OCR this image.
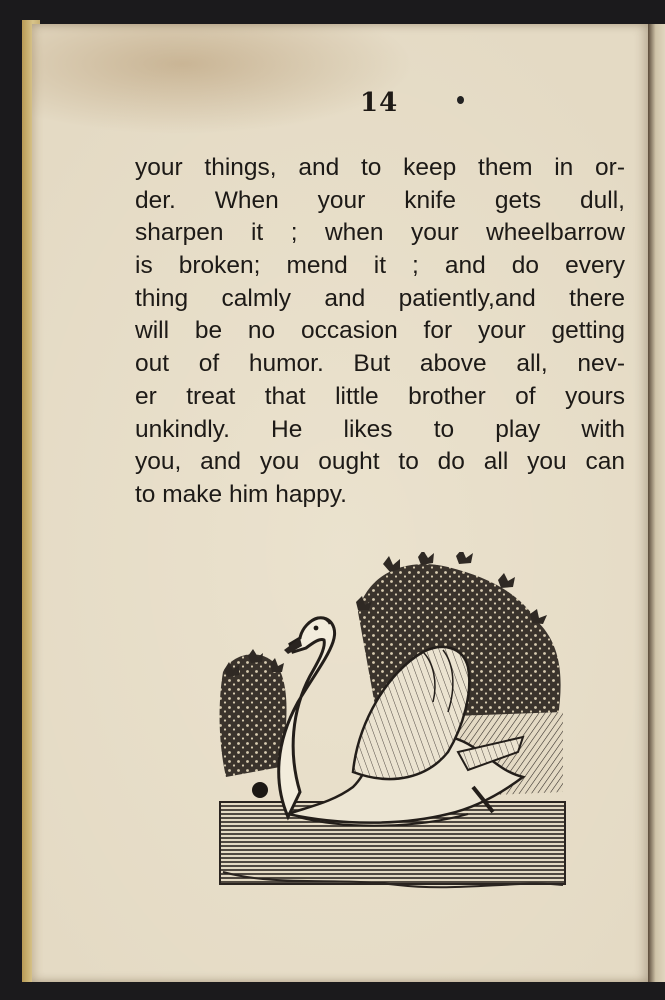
14
your things, and to keep them in or-
der. When your knife gets dull,
sharpen it ; when your wheelbarrow
is broken; mend it ; and do every
thing calmly and patiently,and there
will be no occasion for your getting
out of humor. But above all, nev-
er treat that little brother of yours
unkindly. He likes to play with
you, and you ought to do all you can
to make him happy.
